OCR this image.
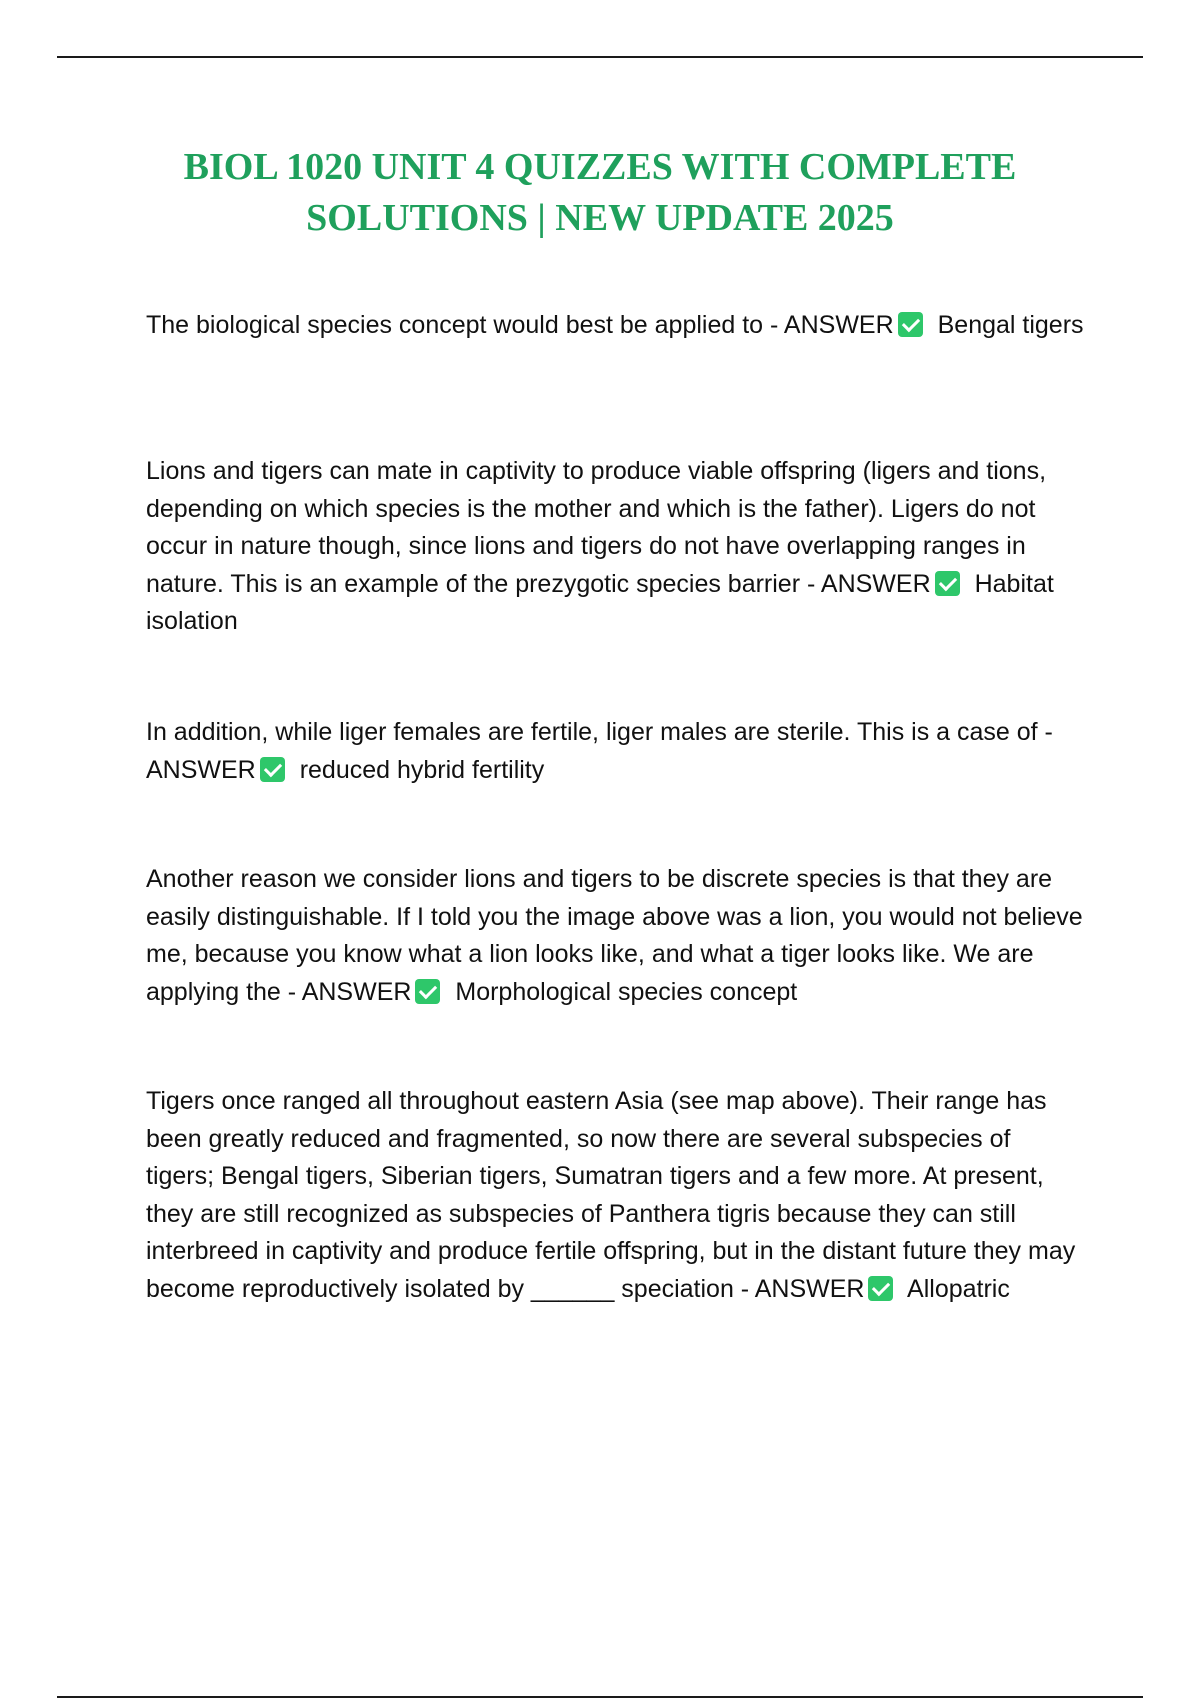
BIOL 1020 UNIT 4 QUIZZES WITH COMPLETE SOLUTIONS | NEW UPDATE 2025

The biological species concept would best be applied to - ANSWER Bengal tigers

Lions and tigers can mate in captivity to produce viable offspring (ligers and tions, depending on which species is the mother and which is the father). Ligers do not occur in nature though, since lions and tigers do not have overlapping ranges in nature. This is an example of the prezygotic species barrier - ANSWER Habitat isolation

In addition, while liger females are fertile, liger males are sterile. This is a case of - ANSWER reduced hybrid fertility

Another reason we consider lions and tigers to be discrete species is that they are easily distinguishable. If I told you the image above was a lion, you would not believe me, because you know what a lion looks like, and what a tiger looks like. We are applying the - ANSWER Morphological species concept

Tigers once ranged all throughout eastern Asia (see map above). Their range has been greatly reduced and fragmented, so now there are several subspecies of tigers; Bengal tigers, Siberian tigers, Sumatran tigers and a few more. At present, they are still recognized as subspecies of Panthera tigris because they can still interbreed in captivity and produce fertile offspring, but in the distant future they may become reproductively isolated by ______ speciation - ANSWER Allopatric
